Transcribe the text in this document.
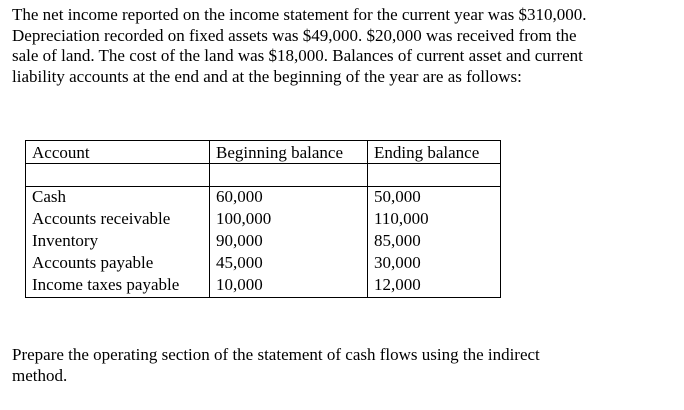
The net income reported on the income statement for the current year was $310,000.
Depreciation recorded on fixed assets was $49,000. $20,000 was received from the
sale of land. The cost of the land was $18,000. Balances of current asset and current
liability accounts at the end and at the beginning of the year are as follows:
Account	Beginning balance	Ending balance

Cash	60,000	50,000
Accounts receivable	100,000	110,000
Inventory	90,000	85,000
Accounts payable	45,000	30,000
Income taxes payable	10,000	12,000
Prepare the operating section of the statement of cash flows using the indirect
method.
